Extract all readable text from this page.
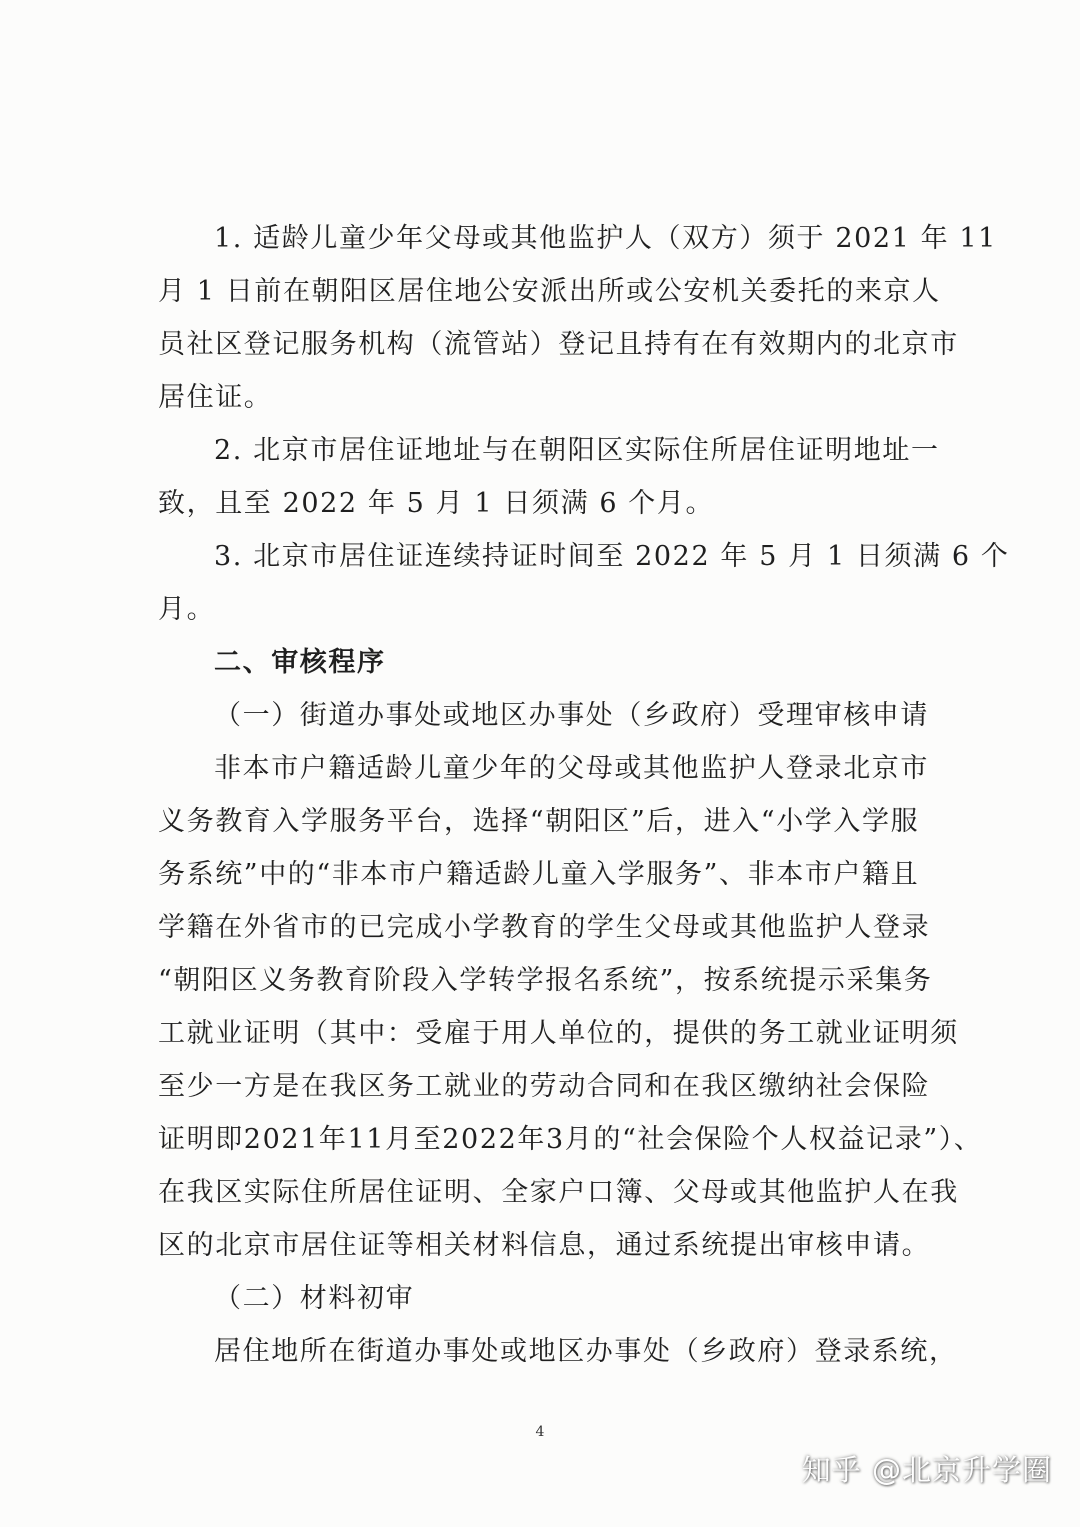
1. 适龄儿童少年父母或其他监护人（双方）须于 2021 年 11
月 1 日前在朝阳区居住地公安派出所或公安机关委托的来京人
员社区登记服务机构（流管站）登记且持有在有效期内的北京市
居住证。

2. 北京市居住证地址与在朝阳区实际住所居住证明地址一
致，且至 2022 年 5 月 1 日须满 6 个月。

3. 北京市居住证连续持证时间至 2022 年 5 月 1 日须满 6 个
月。

二、审核程序

（一）街道办事处或地区办事处（乡政府）受理审核申请

非本市户籍适龄儿童少年的父母或其他监护人登录北京市
义务教育入学服务平台，选择“朝阳区”后，进入“小学入学服
务系统”中的“非本市户籍适龄儿童入学服务”、非本市户籍且
学籍在外省市的已完成小学教育的学生父母或其他监护人登录
“朝阳区义务教育阶段入学转学报名系统”，按系统提示采集务
工就业证明（其中：受雇于用人单位的，提供的务工就业证明须
至少一方是在我区务工就业的劳动合同和在我区缴纳社会保险
证明即2021年11月至2022年3月的“社会保险个人权益记录”）、
在我区实际住所居住证明、全家户口簿、父母或其他监护人在我
区的北京市居住证等相关材料信息，通过系统提出审核申请。

（二）材料初审

居住地所在街道办事处或地区办事处（乡政府）登录系统，

4
知乎 @北京升学圈
